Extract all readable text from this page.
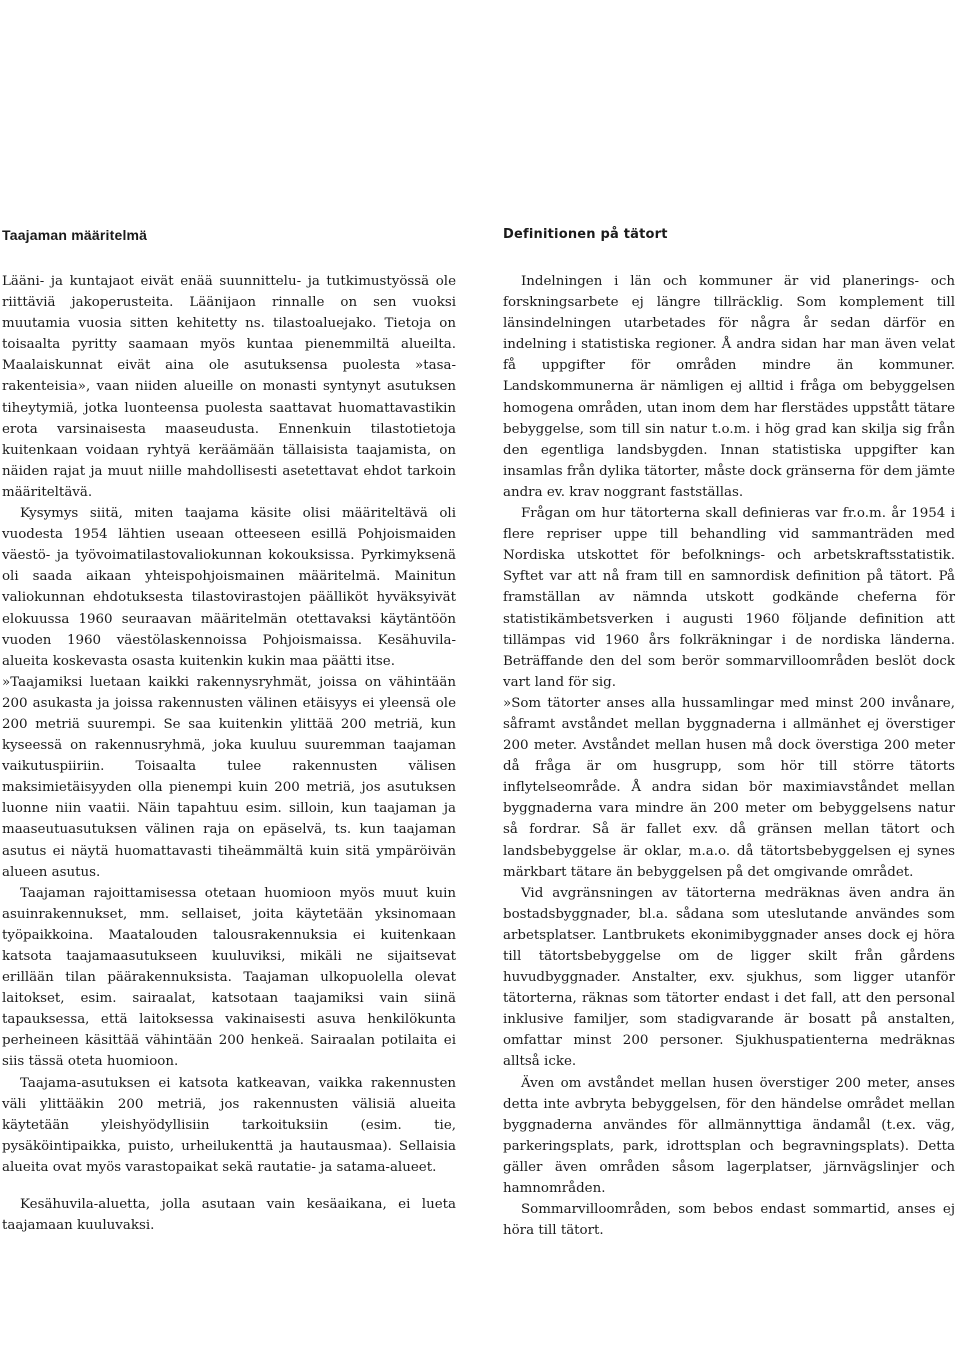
Taajaman määritelmä

Lääni- ja kuntajaot eivät enää suunnittelu- ja tutkimustyössä ole riittäviä jakoperusteita. Läänijaon rinnalle on sen vuoksi muutamia vuosia sitten kehitetty ns. tilastoaluejako. Tietoja on toisaalta pyritty saamaan myös kuntaa pienemmiltä alueilta. Maalaiskunnat eivät aina ole asutuksensa puolesta »tasa-rakenteisia», vaan niiden alueille on monasti syntynyt asutuksen tiheytymiä, jotka luonteensa puolesta saattavat huomattavastikin erota varsinaisesta maaseudusta. Ennenkuin tilastotietoja kuitenkaan voidaan ryhtyä keräämään tällaisista taajamista, on näiden rajat ja muut niille mahdollisesti asetettavat ehdot tarkoin määriteltävä.

Kysymys siitä, miten taajama käsite olisi määriteltävä oli vuodesta 1954 lähtien useaan otteeseen esillä Pohjoismaiden väestö- ja työvoimatilastovaliokunnan kokouksissa. Pyrkimyksenä oli saada aikaan yhteispohjoismainen määritelmä. Mainitun valiokunnan ehdotuksesta tilastovirastojen päälliköt hyväksyivät elokuussa 1960 seuraavan määritelmän otettavaksi käytäntöön vuoden 1960 väestölaskennoissa Pohjoismaissa. Kesähuvila-alueita koskevasta osasta kuitenkin kukin maa päätti itse.

»Taajamiksi luetaan kaikki rakennysryhmät, joissa on vähintään 200 asukasta ja joissa rakennusten välinen etäisyys ei yleensä ole 200 metriä suurempi. Se saa kuitenkin ylittää 200 metriä, kun kyseessä on rakennusryhmä, joka kuuluu suuremman taajaman vaikutuspiiriin. Toisaalta tulee rakennusten välisen maksimietäisyyden olla pienempi kuin 200 metriä, jos asutuksen luonne niin vaatii. Näin tapahtuu esim. silloin, kun taajaman ja maaseutuasutuksen välinen raja on epäselvä, ts. kun taajaman asutus ei näytä huomattavasti tiheämmältä kuin sitä ympäröivän alueen asutus.

Taajaman rajoittamisessa otetaan huomioon myös muut kuin asuinrakennukset, mm. sellaiset, joita käytetään yksinomaan työpaikkoina. Maatalouden talousrakennuksia ei kuitenkaan katsota taajamaasutukseen kuuluviksi, mikäli ne sijaitsevat erillään tilan päärakennuksista. Taajaman ulkopuolella olevat laitokset, esim. sairaalat, katsotaan taajamiksi vain siinä tapauksessa, että laitoksessa vakinaisesti asuva henkilökunta perheineen käsittää vähintään 200 henkeä. Sairaalan potilaita ei siis tässä oteta huomioon.

Taajama-asutuksen ei katsota katkeavan, vaikka rakennusten väli ylittääkin 200 metriä, jos rakennusten välisiä alueita käytetään yleishyödyllisiin tarkoituksiin (esim. tie, pysäköintipaikka, puisto, urheilukenttä ja hautausmaa). Sellaisia alueita ovat myös varastopaikat sekä rautatie- ja satama-alueet.

Kesähuvila-aluetta, jolla asutaan vain kesäaikana, ei lueta taajamaan kuuluvaksi.

Definitionen på tätort

Indelningen i län och kommuner är vid planerings- och forskningsarbete ej längre tillräcklig. Som komplement till länsindelningen utarbetades för några år sedan därför en indelning i statistiska regioner. Å andra sidan har man även velat få uppgifter för områden mindre än kommuner. Landskommunerna är nämligen ej alltid i fråga om bebyggelsen homogena områden, utan inom dem har flerstädes uppstått tätare bebyggelse, som till sin natur t.o.m. i hög grad kan skilja sig från den egentliga landsbygden. Innan statistiska uppgifter kan insamlas från dylika tätorter, måste dock gränserna för dem jämte andra ev. krav noggrant fastställas.

Frågan om hur tätorterna skall definieras var fr.o.m. år 1954 i flere repriser uppe till behandling vid sammanträden med Nordiska utskottet för befolknings- och arbetskraftsstatistik. Syftet var att nå fram till en samnordisk definition på tätort. På framställan av nämnda utskott godkände cheferna för statistikämbetsverken i augusti 1960 följande definition att tillämpas vid 1960 års folkräkningar i de nordiska länderna. Beträffande den del som berör sommarvilloområden beslöt dock vart land för sig.

»Som tätorter anses alla hussamlingar med minst 200 invånare, såframt avståndet mellan byggnaderna i allmänhet ej överstiger 200 meter. Avståndet mellan husen må dock överstiga 200 meter då fråga är om husgrupp, som hör till större tätorts inflytelseområde. Å andra sidan bör maximiavståndet mellan byggnaderna vara mindre än 200 meter om bebyggelsens natur så fordrar. Så är fallet exv. då gränsen mellan tätort och landsbebyggelse är oklar, m.a.o. då tätortsbebyggelsen ej synes märkbart tätare än bebyggelsen på det omgivande området.

Vid avgränsningen av tätorterna medräknas även andra än bostadsbyggnader, bl.a. sådana som uteslutande användes som arbetsplatser. Lantbrukets ekonimibyggnader anses dock ej höra till tätortsbebyggelse om de ligger skilt från gårdens huvudbyggnader. Anstalter, exv. sjukhus, som ligger utanför tätorterna, räknas som tätorter endast i det fall, att den personal inklusive familjer, som stadigvarande är bosatt på anstalten, omfattar minst 200 personer. Sjukhuspatienterna medräknas alltså icke.

Även om avståndet mellan husen överstiger 200 meter, anses detta inte avbryta bebyggelsen, för den händelse området mellan byggnaderna användes för allmännyttiga ändamål (t.ex. väg, parkeringsplats, park, idrottsplan och begravningsplats). Detta gäller även områden såsom lagerplatser, järnvägslinjer och hamnområden.

Sommarvilloområden, som bebos endast sommartid, anses ej höra till tätort.
